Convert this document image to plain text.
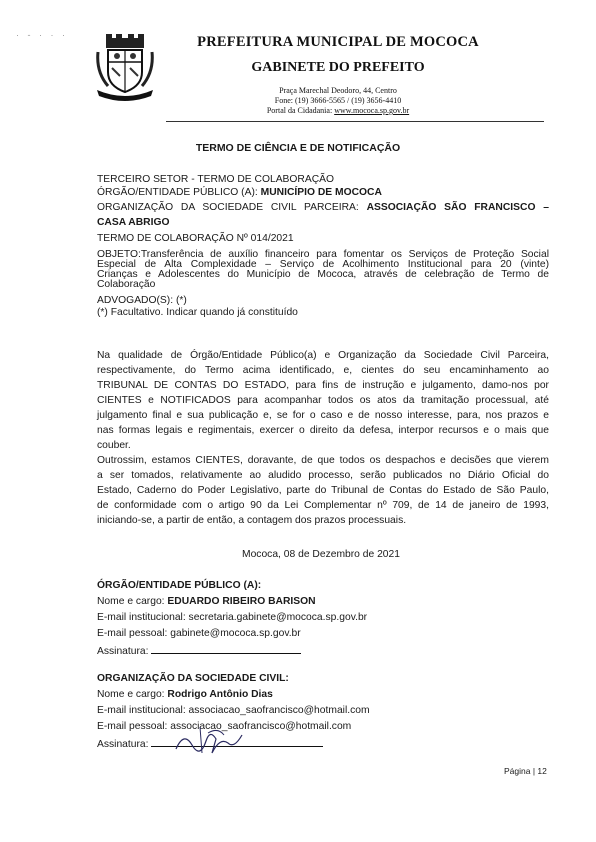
· - · · ·	PREFEITURA MUNICIPAL DE MOCOCA
GABINETE DO PREFEITO
Praça Marechal Deodoro, 44, Centro
Fone: (19) 3666-5565 / (19) 3656-4410
Portal da Cidadania: www.mococa.sp.gov.br
TERMO DE CIÊNCIA E DE NOTIFICAÇÃO
TERCEIRO SETOR - TERMO DE COLABORAÇÃO
ÓRGÃO/ENTIDADE PÚBLICO (A): MUNICÍPIO DE MOCOCA
ORGANIZAÇÃO DA SOCIEDADE CIVIL PARCEIRA: ASSOCIAÇÃO SÃO FRANCISCO –
CASA ABRIGO
TERMO DE COLABORAÇÃO Nº 014/2021
OBJETO:Transferência de auxílio financeiro para fomentar os Serviços de Proteção Social
Especial de Alta Complexidade – Serviço de Acolhimento Institucional para 20 (vinte)
Crianças e Adolescentes do Município de Mococa, através de celebração de Termo de
Colaboração
ADVOGADO(S): (*)
(*) Facultativo. Indicar quando já constituído
Na qualidade de Órgão/Entidade Público(a) e Organização da Sociedade Civil Parceira,
respectivamente, do Termo acima identificado, e, cientes do seu encaminhamento ao
TRIBUNAL DE CONTAS DO ESTADO, para fins de instrução e julgamento, damo-nos por
CIENTES e NOTIFICADOS para acompanhar todos os atos da tramitação processual, até
julgamento final e sua publicação e, se for o caso e de nosso interesse, para, nos prazos e
nas formas legais e regimentais, exercer o direito da defesa, interpor recursos e o mais que
couber.
Outrossim, estamos CIENTES, doravante, de que todos os despachos e decisões que vierem
a ser tomados, relativamente ao aludido processo, serão publicados no Diário Oficial do
Estado, Caderno do Poder Legislativo, parte do Tribunal de Contas do Estado de São Paulo,
de conformidade com o artigo 90 da Lei Complementar nº 709, de 14 de janeiro de 1993,
iniciando-se, a partir de então, a contagem dos prazos processuais.
Mococa, 08 de Dezembro de 2021
ÓRGÃO/ENTIDADE PÚBLICO (A):
Nome e cargo: EDUARDO RIBEIRO BARISON
E-mail institucional: secretaria.gabinete@mococa.sp.gov.br
E-mail pessoal: gabinete@mococa.sp.gov.br
Assinatura:
ORGANIZAÇÃO DA SOCIEDADE CIVIL:
Nome e cargo: Rodrigo Antônio Dias
E-mail institucional: associacao_saofrancisco@hotmail.com
E-mail pessoal: associacao_saofrancisco@hotmail.com
Assinatura:
Página | 12
